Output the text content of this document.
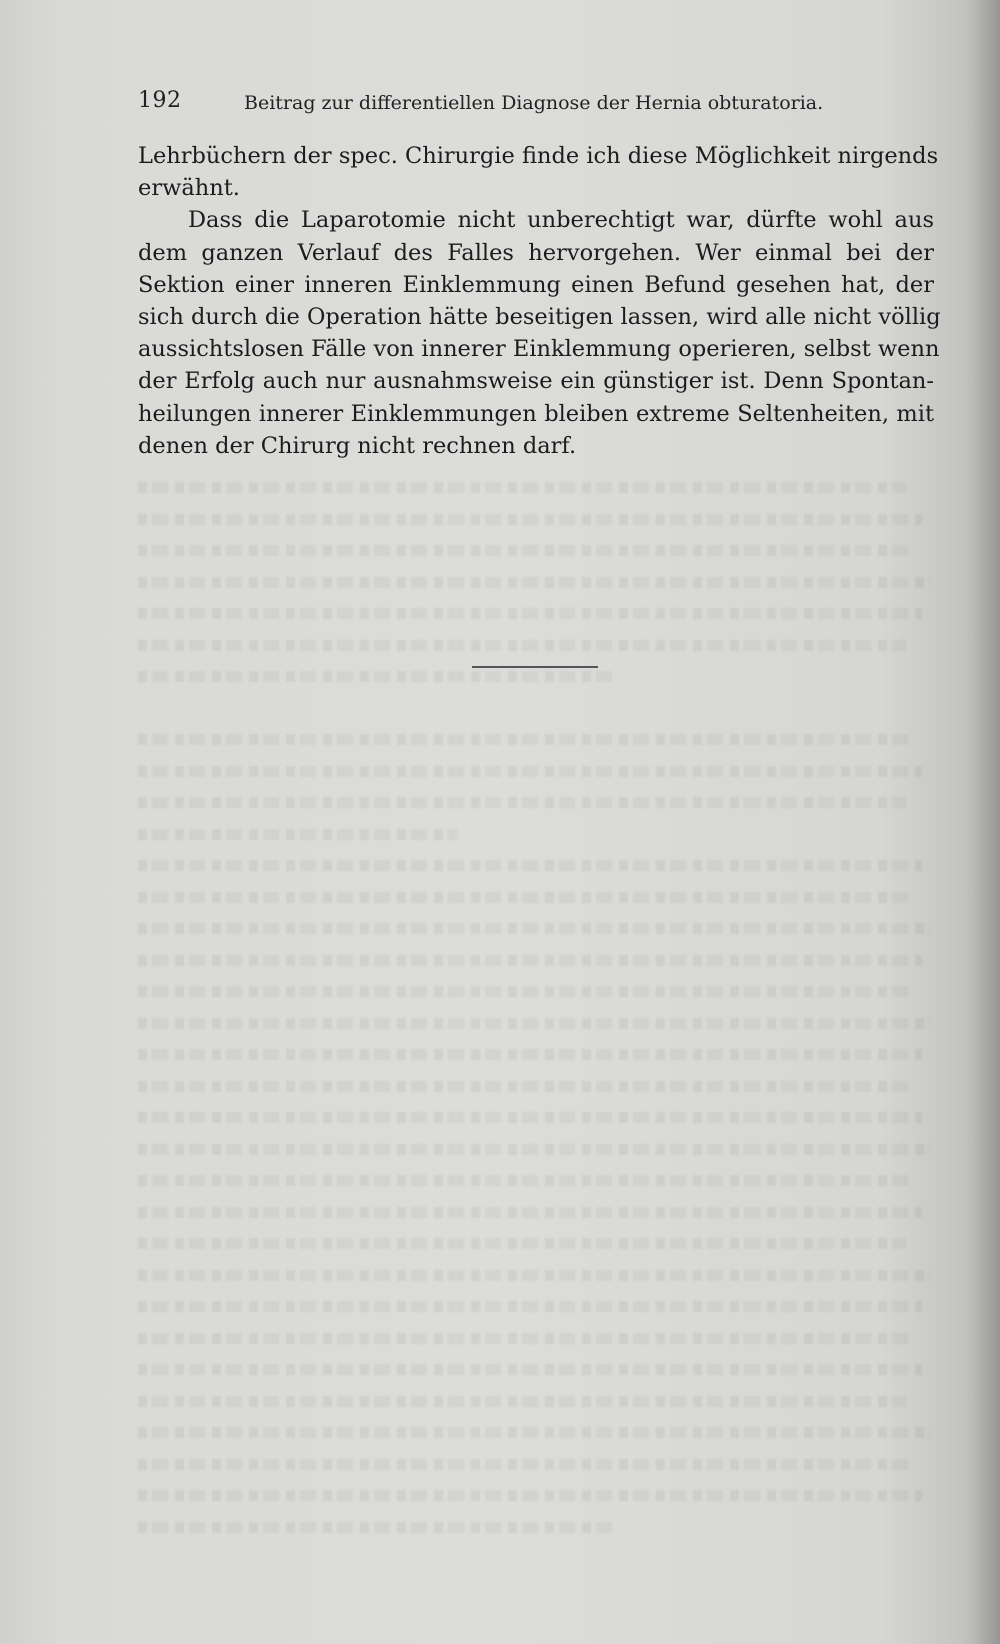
192	Beitrag zur differentiellen Diagnose der Hernia obturatoria.
Lehrbüchern der spec. Chirurgie finde ich diese Möglichkeit nirgends
erwähnt.
Dass die Laparotomie nicht unberechtigt war, dürfte wohl aus
dem ganzen Verlauf des Falles hervorgehen. Wer einmal bei der
Sektion einer inneren Einklemmung einen Befund gesehen hat, der
sich durch die Operation hätte beseitigen lassen, wird alle nicht völlig
aussichtslosen Fälle von innerer Einklemmung operieren, selbst wenn
der Erfolg auch nur ausnahmsweise ein günstiger ist. Denn Spontan-
heilungen innerer Einklemmungen bleiben extreme Seltenheiten, mit
denen der Chirurg nicht rechnen darf.
